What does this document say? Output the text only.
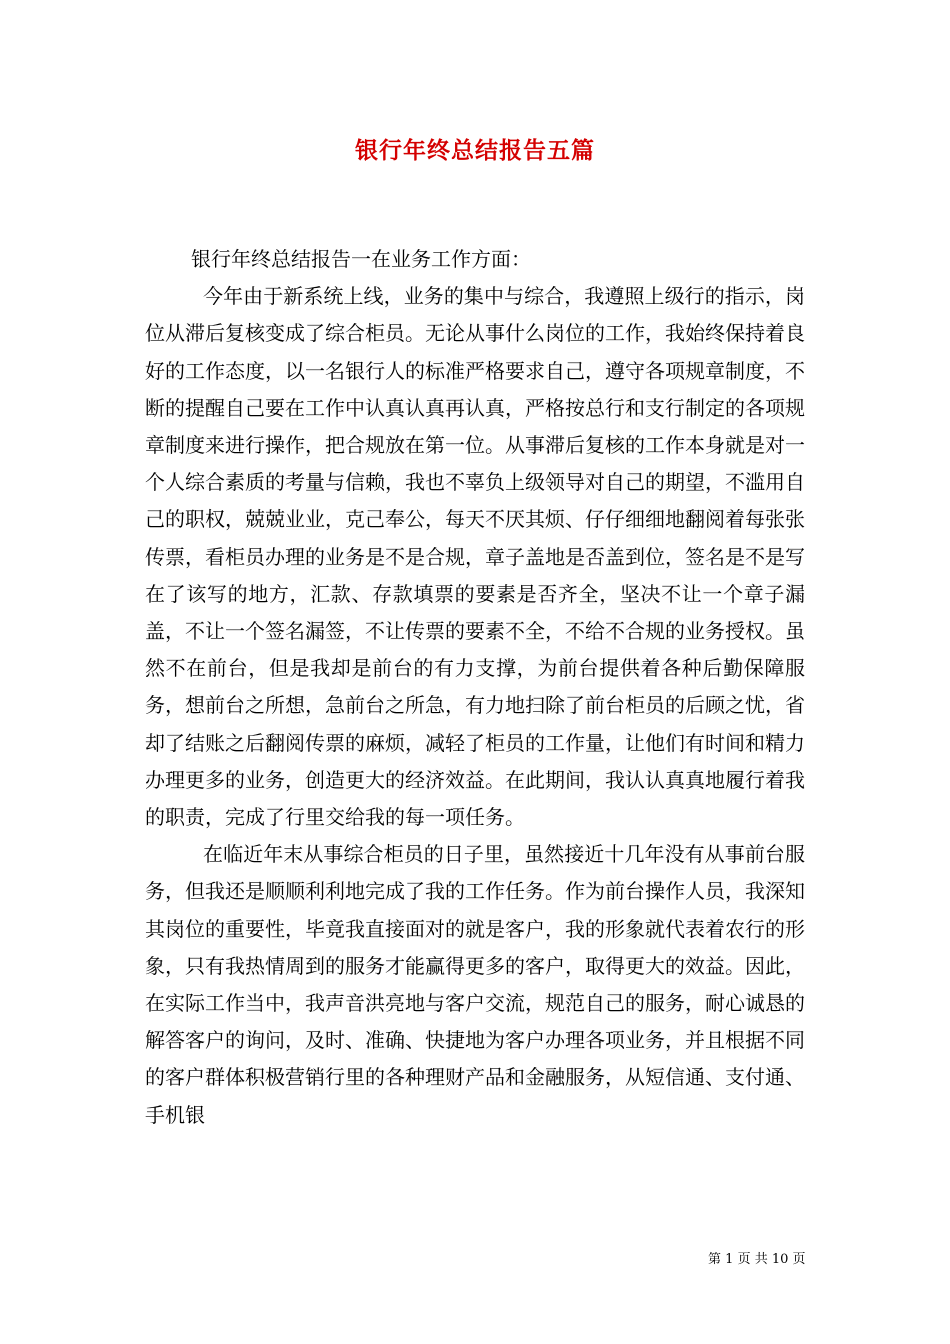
银行年终总结报告五篇

银行年终总结报告一在业务工作方面：

今年由于新系统上线，业务的集中与综合，我遵照上级行的指示，岗位从滞后复核变成了综合柜员。无论从事什么岗位的工作，我始终保持着良好的工作态度，以一名银行人的标准严格要求自己，遵守各项规章制度，不断的提醒自己要在工作中认真认真再认真，严格按总行和支行制定的各项规章制度来进行操作，把合规放在第一位。从事滞后复核的工作本身就是对一个人综合素质的考量与信赖，我也不辜负上级领导对自己的期望，不滥用自己的职权，兢兢业业，克己奉公，每天不厌其烦、仔仔细细地翻阅着每张张传票，看柜员办理的业务是不是合规，章子盖地是否盖到位，签名是不是写在了该写的地方，汇款、存款填票的要素是否齐全，坚决不让一个章子漏盖，不让一个签名漏签，不让传票的要素不全，不给不合规的业务授权。虽然不在前台，但是我却是前台的有力支撑，为前台提供着各种后勤保障服务，想前台之所想，急前台之所急，有力地扫除了前台柜员的后顾之忧，省却了结账之后翻阅传票的麻烦，减轻了柜员的工作量，让他们有时间和精力办理更多的业务，创造更大的经济效益。在此期间，我认认真真地履行着我的职责，完成了行里交给我的每一项任务。

在临近年末从事综合柜员的日子里，虽然接近十几年没有从事前台服务，但我还是顺顺利利地完成了我的工作任务。作为前台操作人员，我深知其岗位的重要性，毕竟我直接面对的就是客户，我的形象就代表着农行的形象，只有我热情周到的服务才能赢得更多的客户，取得更大的效益。因此，在实际工作当中，我声音洪亮地与客户交流，规范自己的服务，耐心诚恳的解答客户的询问，及时、准确、快捷地为客户办理各项业务，并且根据不同的客户群体积极营销行里的各种理财产品和金融服务，从短信通、支付通、手机银

第 1 页 共 10 页
